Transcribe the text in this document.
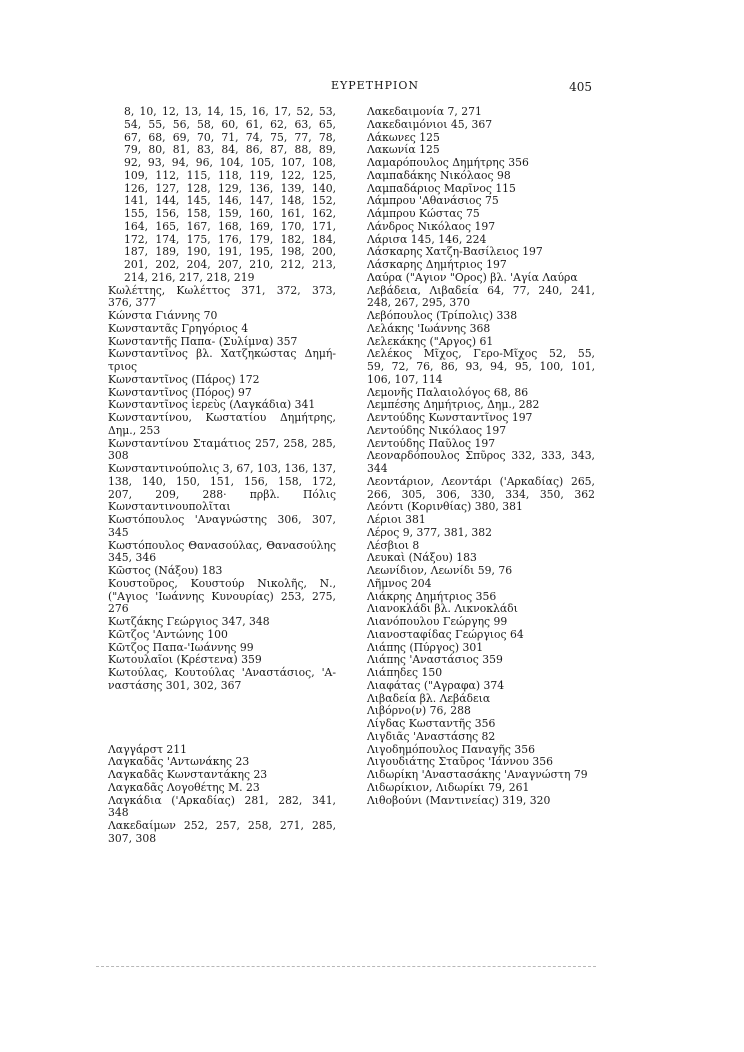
ΕΥΡΕΤΗΡΙΟΝ	405
8, 10, 12, 13, 14, 15, 16, 17, 52, 53,
54, 55, 56, 58, 60, 61, 62, 63, 65,
67, 68, 69, 70, 71, 74, 75, 77, 78,
79, 80, 81, 83, 84, 86, 87, 88, 89,
92, 93, 94, 96, 104, 105, 107, 108,
109, 112, 115, 118, 119, 122, 125,
126, 127, 128, 129, 136, 139, 140,
141, 144, 145, 146, 147, 148, 152,
155, 156, 158, 159, 160, 161, 162,
164, 165, 167, 168, 169, 170, 171,
172, 174, 175, 176, 179, 182, 184,
187, 189, 190, 191, 195, 198, 200,
201, 202, 204, 207, 210, 212, 213,
214, 216, 217, 218, 219
Κωλέττης, Κωλέττος 371, 372, 373,
376, 377
Κώνστα Γιάννης 70
Κωνσταντᾶς Γρηγόριος 4
Κωνσταντῆς Παπα- (Συλίμνα) 357
Κωνσταντῖνος βλ. Χατζηκώστας Δημή-
τριος
Κωνσταντῖνος (Πάρος) 172
Κωνσταντῖνος (Πόρος) 97
Κωνσταντῖνος ἱερεὺς (Λαγκάδια) 341
Κωνσταντίνου, Κωστατίου Δημήτρης,
Δημ., 253
Κωνσταντίνου Σταμάτιος 257, 258, 285,
308
Κωνσταντινούπολις 3, 67, 103, 136, 137,
138, 140, 150, 151, 156, 158, 172,
207, 209, 288· πρβλ. Πόλις
Κωνσταντινουπολῖται
Κωστόπουλος 'Αναγνώστης 306, 307,
345
Κωστόπουλος Θανασούλας, Θανασούλης
345, 346
Κῶστος (Νάξου) 183
Κουστοῦρος, Κουστούρ Νικολῆς, Ν.,
("Αγιος 'Ιωάννης Κυνουρίας) 253, 275,
276
Κωτζάκης Γεώργιος 347, 348
Κῶτζος 'Αντώνης 100
Κῶτζος Παπα-'Ιωάννης 99
Κωτουλαῖοι (Κρέστενα) 359
Κωτούλας, Κουτούλας 'Αναστάσιος, 'Α-
ναστάσης 301, 302, 367
Λαγγάρστ 211
Λαγκαδᾶς 'Αντωνάκης 23
Λαγκαδᾶς Κωνσταντάκης 23
Λαγκαδᾶς Λογοθέτης Μ. 23
Λαγκάδια ('Αρκαδίας) 281, 282, 341,
348
Λακεδαίμων 252, 257, 258, 271, 285,
307, 308
Λακεδαιμονία 7, 271
Λακεδαιμόνιοι 45, 367
Λάκωνες 125
Λακωνία 125
Λαμαρόπουλος Δημήτρης 356
Λαμπαδάκης Νικόλαος 98
Λαμπαδάριος Μαρῖνος 115
Λάμπρου 'Αθανάσιος 75
Λάμπρου Κώστας 75
Λάνδρος Νικόλαος 197
Λάρισα 145, 146, 224
Λάσκαρης Χατζη-Βασίλειος 197
Λάσκαρης Δημήτριος 197
Λαύρα ("Αγιον "Ορος) βλ. 'Αγία Λαύρα
Λεβάδεια, Λιβαδεία 64, 77, 240, 241,
248, 267, 295, 370
Λεβόπουλος (Τρίπολις) 338
Λελάκης 'Ιωάννης 368
Λελεκάκης ("Αργος) 61
Λελέκος Μῖχος, Γερο-Μῖχος 52, 55,
59, 72, 76, 86, 93, 94, 95, 100, 101,
106, 107, 114
Λεμονῆς Παλαιολόγος 68, 86
Λεμπέσης Δημήτριος, Δημ., 282
Λεντούδης Κωνσταντῖνος 197
Λεντούδης Νικόλαος 197
Λεντούδης Παῦλος 197
Λεοναρδόπουλος Σπῦρος 332, 333, 343,
344
Λεοντάριον, Λεοντάρι ('Αρκαδίας) 265,
266, 305, 306, 330, 334, 350, 362
Λεόντι (Κορινθίας) 380, 381
Λέριοι 381
Λέρος 9, 377, 381, 382
Λέσβιοι 8
Λευκαὶ (Νάξου) 183
Λεωνίδιον, Λεωνίδι 59, 76
Λῆμνος 204
Λιάκρης Δημήτριος 356
Λιανοκλάδι βλ. Λικνοκλάδι
Λιανόπουλου Γεώργης 99
Λιανοσταφίδας Γεώργιος 64
Λιάπης (Πύργος) 301
Λιάπης 'Αναστάσιος 359
Λιάπηδες 150
Λιαφάτας ("Αγραφα) 374
Λιβαδεία βλ. Λεβάδεια
Λιβόρνο(ν) 76, 288
Λίγδας Κωσταντῆς 356
Λιγδιᾶς 'Αναστάσης 82
Λιγοδημόπουλος Παναγῆς 356
Λιγουδιάτης Σταῦρος 'Ιάννου 356
Λιδωρίκη 'Αναστασάκης 'Αναγνώστη 79
Λιδωρίκιον, Λιδωρίκι 79, 261
Λιθοβούνι (Μαντινείας) 319, 320
